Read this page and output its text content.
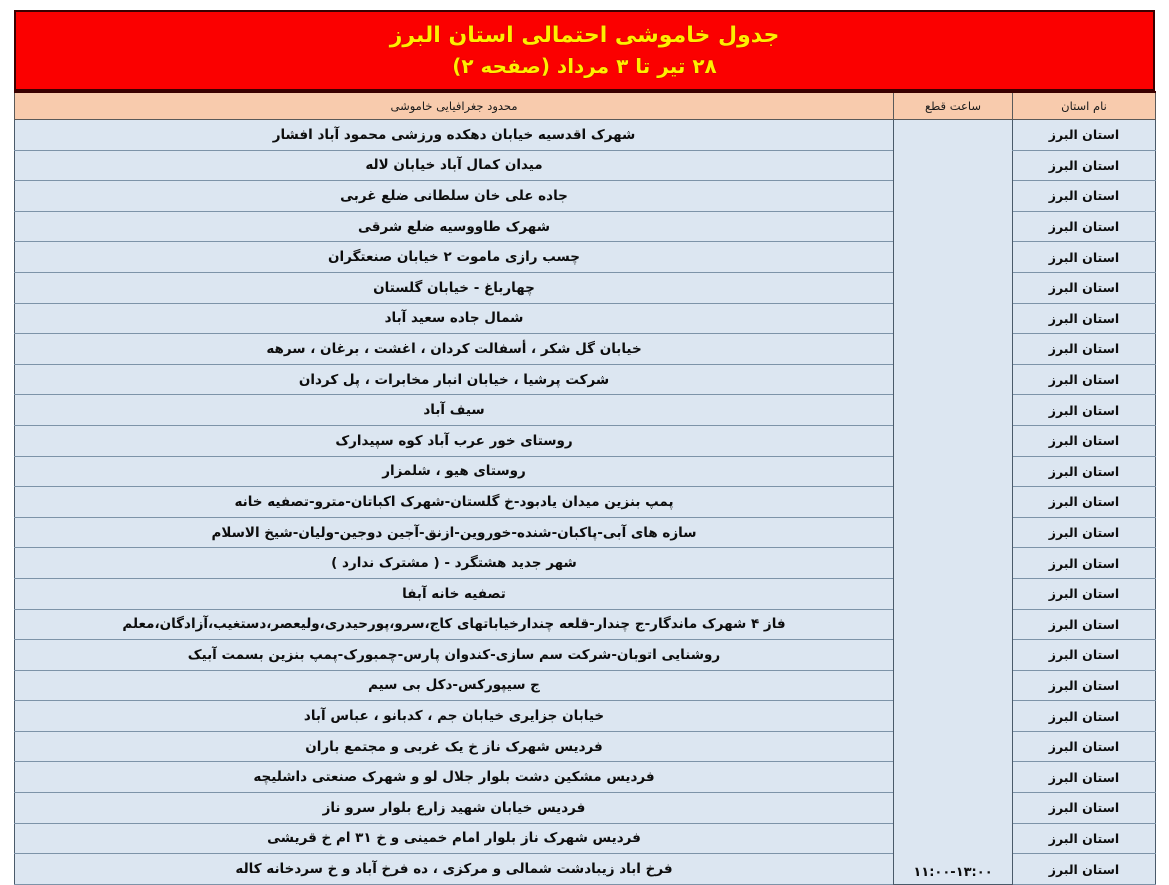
جدول خاموشی احتمالی استان البرز
۲۸ تیر تا ۳ مرداد (صفحه ۲)
نام استان	ساعت قطع	محدود جغرافیایی خاموشی
استان البرز	۱۱:۰۰-۱۳:۰۰	شهرک اقدسیه خیابان دهکده ورزشی محمود آباد افشار
استان البرز		میدان کمال آباد خیابان لاله
استان البرز		جاده علی خان سلطانی ضلع غربی
استان البرز		شهرک طاووسیه ضلع شرقی
استان البرز		چسب رازی ماموت ۲ خیابان صنعتگران
استان البرز		چهارباغ - خیابان گلستان
استان البرز		شمال جاده سعید آباد
استان البرز		خیابان گل شکر ، أسفالت کردان ، اغشت ، برغان ، سرهه
استان البرز		شرکت پرشیا ، خیابان انبار مخابرات ، پل کردان
استان البرز		سیف آباد
استان البرز		روستای خور عرب آباد کوه سپیدارک
استان البرز		روستای هیو ، شلمزار
استان البرز		پمپ بنزین میدان یادبود-خ گلستان-شهرک اکباتان-مترو-تصفیه خانه
استان البرز		سازه های آبی-پاکبان-شنده-خوروین-ازنق-آجین دوجین-ولیان-شیخ الاسلام
استان البرز		شهر جدید هشتگرد - ( مشترک ندارد )
استان البرز		تصفیه خانه آبفا
استان البرز		فاز ۴ شهرک ماندگار-ج چندار-قلعه چندارخیاباتهای کاج،سرو،پورحیدری،ولیعصر،دستغیب،آزادگان،معلم
استان البرز		روشنایی اتوبان-شرکت سم سازی-کندوان پارس-چمبورک-پمپ بنزین بسمت آبیک
استان البرز		ج سیپورکس-دکل بی سیم
استان البرز		خیابان جزایری خیابان جم ، کدبانو ، عباس آباد
استان البرز		فردیس شهرک ناز خ یک غربی و مجتمع باران
استان البرز		فردیس مشکین دشت بلوار جلال لو و شهرک صنعتی داشلیچه
استان البرز		فردیس خیابان شهید زارع بلوار سرو ناز
استان البرز		فردیس شهرک ناز بلوار امام خمینی و خ ۳۱ ام خ قریشی
استان البرز		فرخ اباد زیبادشت شمالی و مرکزی ، ده فرخ آباد و خ سردخانه کاله
